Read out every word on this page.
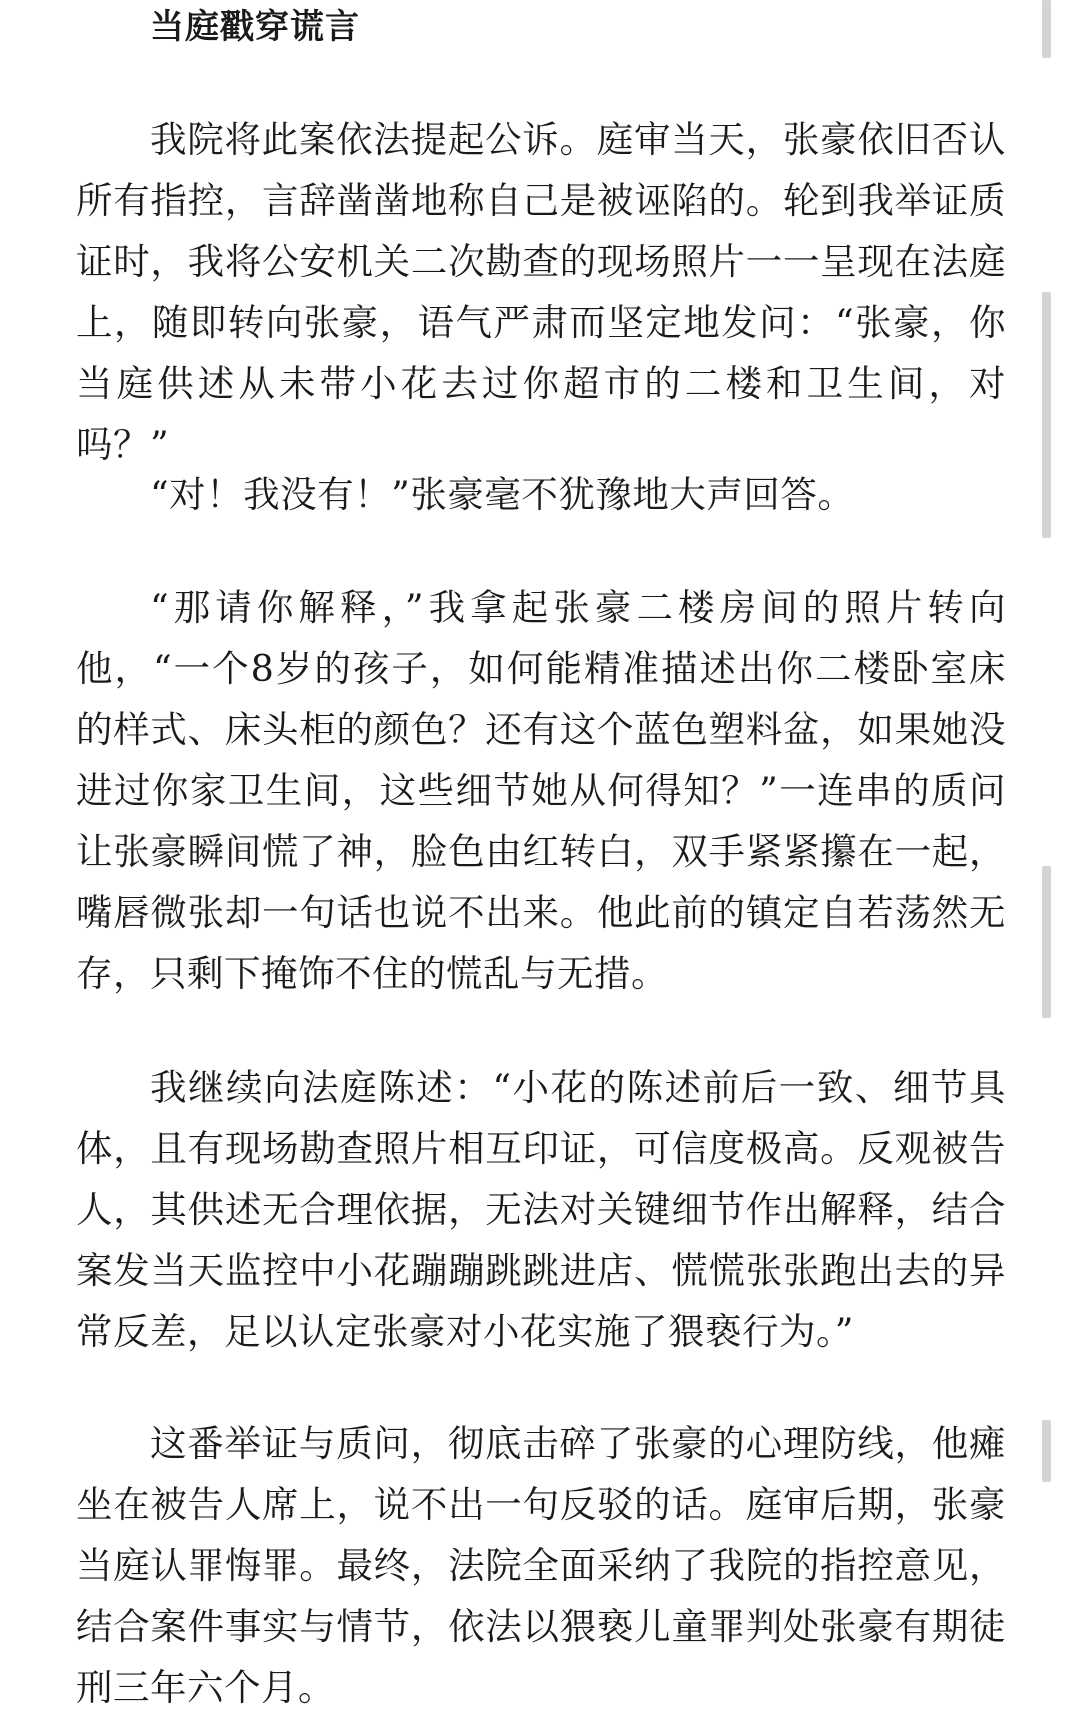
当庭戳穿谎言

我院将此案依法提起公诉。庭审当天，张豪依旧否认所有指控，言辞凿凿地称自己是被诬陷的。轮到我举证质证时，我将公安机关二次勘查的现场照片一一呈现在法庭上，随即转向张豪，语气严肃而坚定地发问：“张豪，你当庭供述从未带小花去过你超市的二楼和卫生间，对吗？”

“对！我没有！”张豪毫不犹豫地大声回答。

“那请你解释，”我拿起张豪二楼房间的照片转向他，“一个8岁的孩子，如何能精准描述出你二楼卧室床的样式、床头柜的颜色？还有这个蓝色塑料盆，如果她没进过你家卫生间，这些细节她从何得知？”一连串的质问让张豪瞬间慌了神，脸色由红转白，双手紧紧攥在一起，嘴唇微张却一句话也说不出来。他此前的镇定自若荡然无存，只剩下掩饰不住的慌乱与无措。

我继续向法庭陈述：“小花的陈述前后一致、细节具体，且有现场勘查照片相互印证，可信度极高。反观被告人，其供述无合理依据，无法对关键细节作出解释，结合案发当天监控中小花蹦蹦跳跳进店、慌慌张张跑出去的异常反差，足以认定张豪对小花实施了猥亵行为。”

这番举证与质问，彻底击碎了张豪的心理防线，他瘫坐在被告人席上，说不出一句反驳的话。庭审后期，张豪当庭认罪悔罪。最终，法院全面采纳了我院的指控意见，结合案件事实与情节，依法以猥亵儿童罪判处张豪有期徒刑三年六个月。
